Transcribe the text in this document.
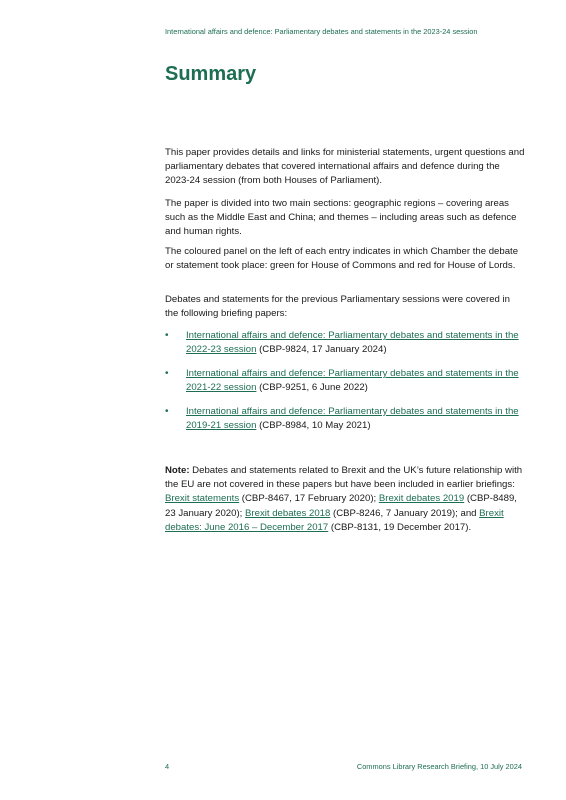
International affairs and defence: Parliamentary debates and statements in the 2023-24 session
Summary

This paper provides details and links for ministerial statements, urgent questions and parliamentary debates that covered international affairs and defence during the 2023-24 session (from both Houses of Parliament).

The paper is divided into two main sections: geographic regions – covering areas such as the Middle East and China; and themes – including areas such as defence and human rights.

The coloured panel on the left of each entry indicates in which Chamber the debate or statement took place: green for House of Commons and red for House of Lords.

Debates and statements for the previous Parliamentary sessions were covered in the following briefing papers:

• International affairs and defence: Parliamentary debates and statements in the 2022-23 session (CBP-9824, 17 January 2024)
• International affairs and defence: Parliamentary debates and statements in the 2021-22 session (CBP-9251, 6 June 2022)
• International affairs and defence: Parliamentary debates and statements in the 2019-21 session (CBP-8984, 10 May 2021)

Note: Debates and statements related to Brexit and the UK’s future relationship with the EU are not covered in these papers but have been included in earlier briefings: Brexit statements (CBP-8467, 17 February 2020); Brexit debates 2019 (CBP-8489, 23 January 2020); Brexit debates 2018 (CBP-8246, 7 January 2019); and Brexit debates: June 2016 – December 2017 (CBP-8131, 19 December 2017).

4	Commons Library Research Briefing, 10 July 2024
